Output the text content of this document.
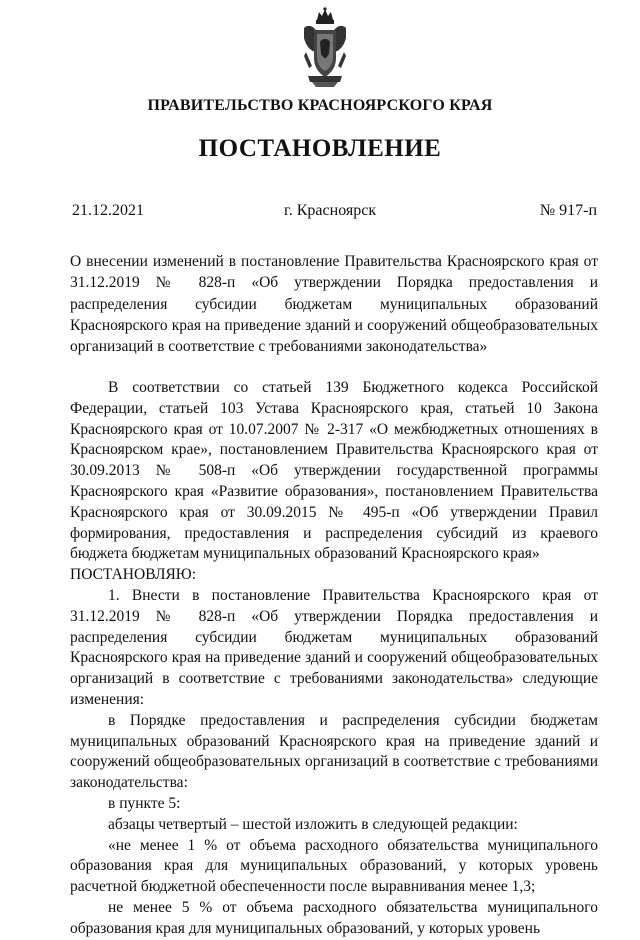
ПРАВИТЕЛЬСТВО КРАСНОЯРСКОГО КРАЯ
ПОСТАНОВЛЕНИЕ
21.12.2021	г. Красноярск	№ 917-п
О внесении изменений в постановление Правительства Красноярского края от 31.12.2019 № 828-п «Об утверждении Порядка предоставления и распределения субсидии бюджетам муниципальных образований Красноярского края на приведение зданий и сооружений общеобразовательных организаций в соответствие с требованиями законодательства»

В соответствии со статьей 139 Бюджетного кодекса Российской Федерации, статьей 103 Устава Красноярского края, статьей 10 Закона Красноярского края от 10.07.2007 № 2-317 «О межбюджетных отношениях в Красноярском крае», постановлением Правительства Красноярского края от 30.09.2013 № 508-п «Об утверждении государственной программы Красноярского края «Развитие образования», постановлением Правительства Красноярского края от 30.09.2015 № 495-п «Об утверждении Правил формирования, предоставления и распределения субсидий из краевого бюджета бюджетам муниципальных образований Красноярского края»

ПОСТАНОВЛЯЮ:

1. Внести в постановление Правительства Красноярского края от 31.12.2019 № 828-п «Об утверждении Порядка предоставления и распределения субсидии бюджетам муниципальных образований Красноярского края на приведение зданий и сооружений общеобразовательных организаций в соответствие с требованиями законодательства» следующие изменения:

в Порядке предоставления и распределения субсидии бюджетам муниципальных образований Красноярского края на приведение зданий и сооружений общеобразовательных организаций в соответствие с требованиями законодательства:

в пункте 5:

абзацы четвертый – шестой изложить в следующей редакции:

«не менее 1 % от объема расходного обязательства муниципального образования края для муниципальных образований, у которых уровень расчетной бюджетной обеспеченности после выравнивания менее 1,3;

не менее 5 % от объема расходного обязательства муниципального образования края для муниципальных образований, у которых уровень
